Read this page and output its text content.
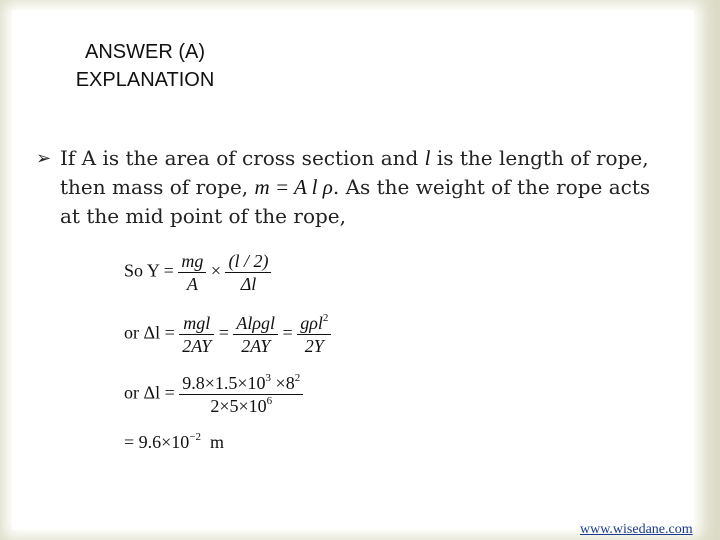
ANSWER (A)
EXPLANATION
➢ If A is the area of cross section and l is the length of rope, then mass of rope, m = A l ρ. As the weight of the rope acts at the mid point of the rope,
So $Y = \frac{mg}{A} \times \frac{(l / 2)}{\Delta l}$
or $\Delta l = \frac{\text{mgl}}{2AY} = \frac{\text{Alρgl}}{2AY} = \frac{g\rho l^2}{2Y}$
or $\Delta l = \frac{9.8\times 1.5\times 10^3 \times 8^2}{2\times 5\times 10^6}$
= $9.6\times 10^{-2}$  m
www.wisedane.com
